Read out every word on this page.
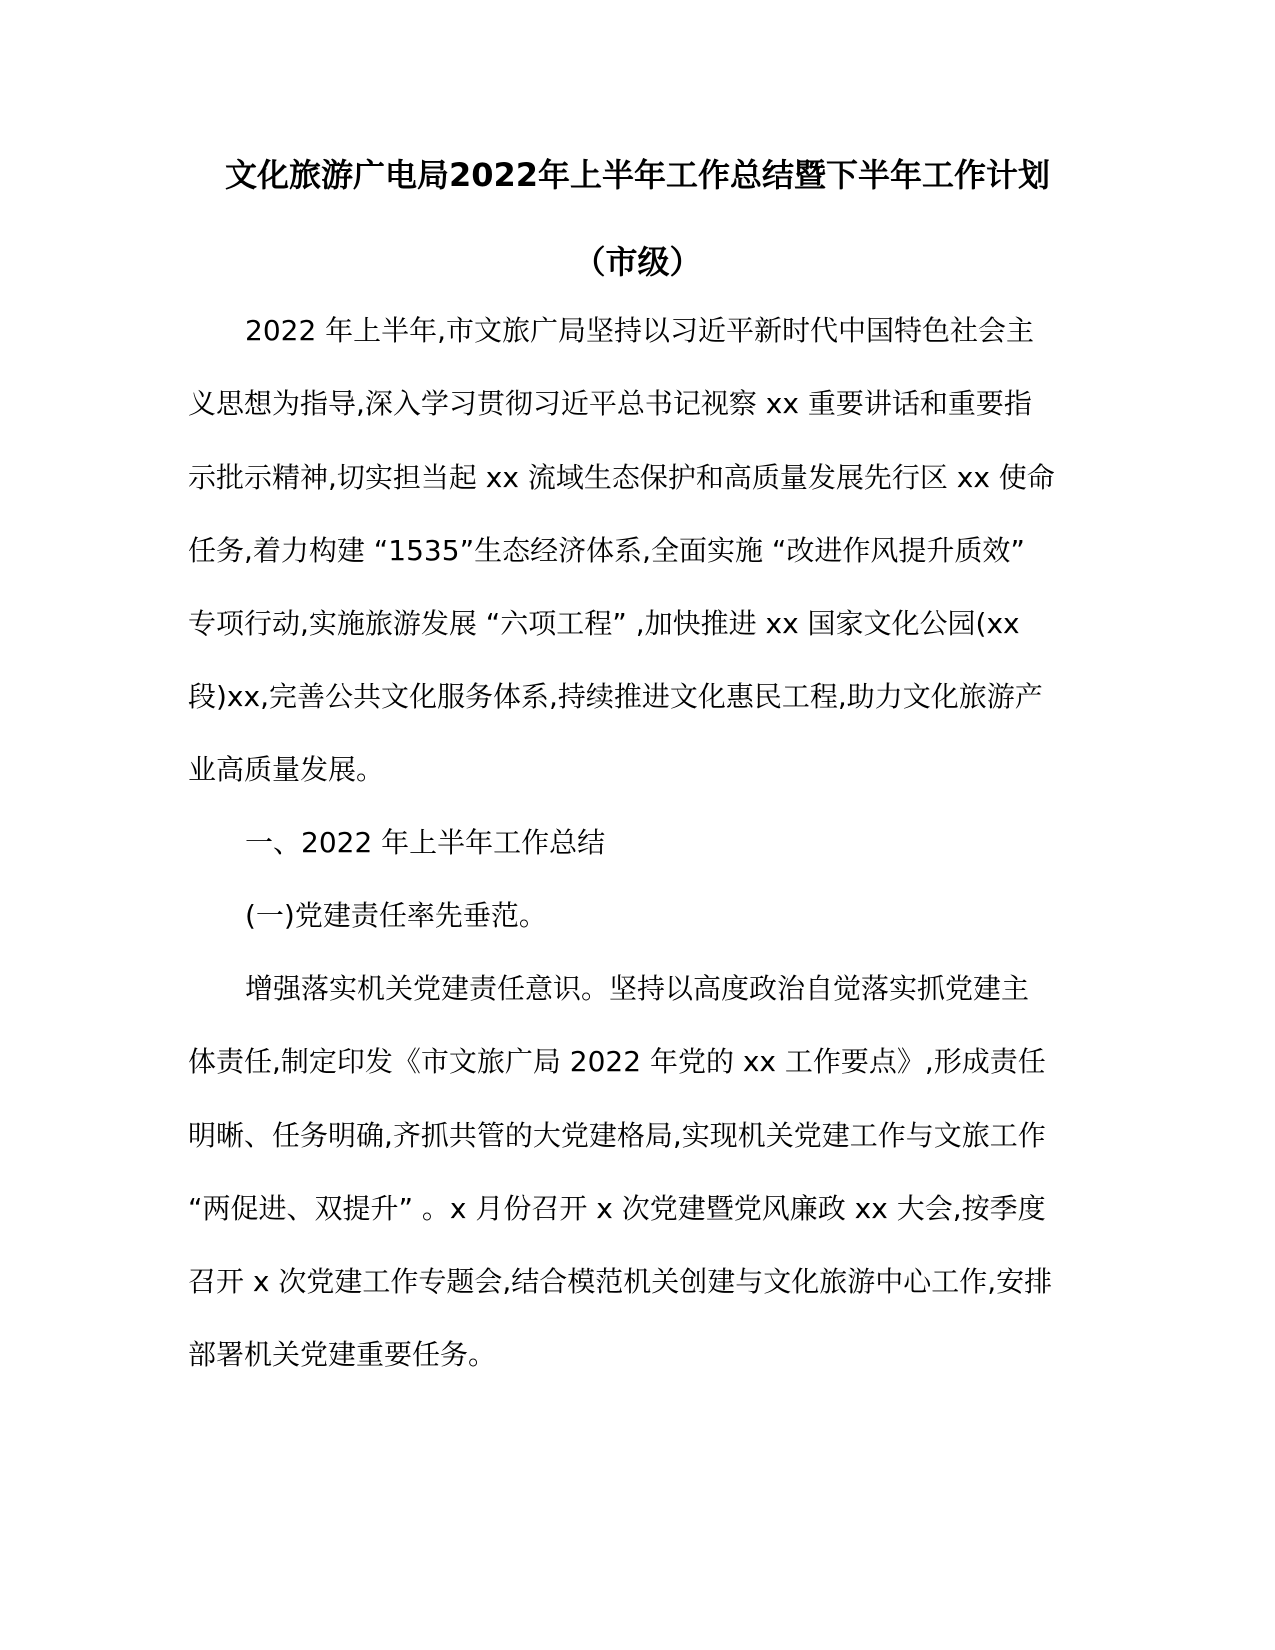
文化旅游广电局2022年上半年工作总结暨下半年工作计划
（市级）
2022 年上半年,市文旅广局坚持以习近平新时代中国特色社会主
义思想为指导,深入学习贯彻习近平总书记视察 xx 重要讲话和重要指
示批示精神,切实担当起 xx 流域生态保护和高质量发展先行区 xx 使命
任务,着力构建 “1535”生态经济体系,全面实施 “改进作风提升质效”
专项行动,实施旅游发展 “六项工程” ,加快推进 xx 国家文化公园(xx
段)xx,完善公共文化服务体系,持续推进文化惠民工程,助力文化旅游产
业高质量发展。
一、2022 年上半年工作总结
(一)党建责任率先垂范。
增强落实机关党建责任意识。坚持以高度政治自觉落实抓党建主
体责任,制定印发《市文旅广局 2022 年党的 xx 工作要点》,形成责任
明晰、任务明确,齐抓共管的大党建格局,实现机关党建工作与文旅工作
“两促进、双提升” 。x 月份召开 x 次党建暨党风廉政 xx 大会,按季度
召开 x 次党建工作专题会,结合模范机关创建与文化旅游中心工作,安排
部署机关党建重要任务。
